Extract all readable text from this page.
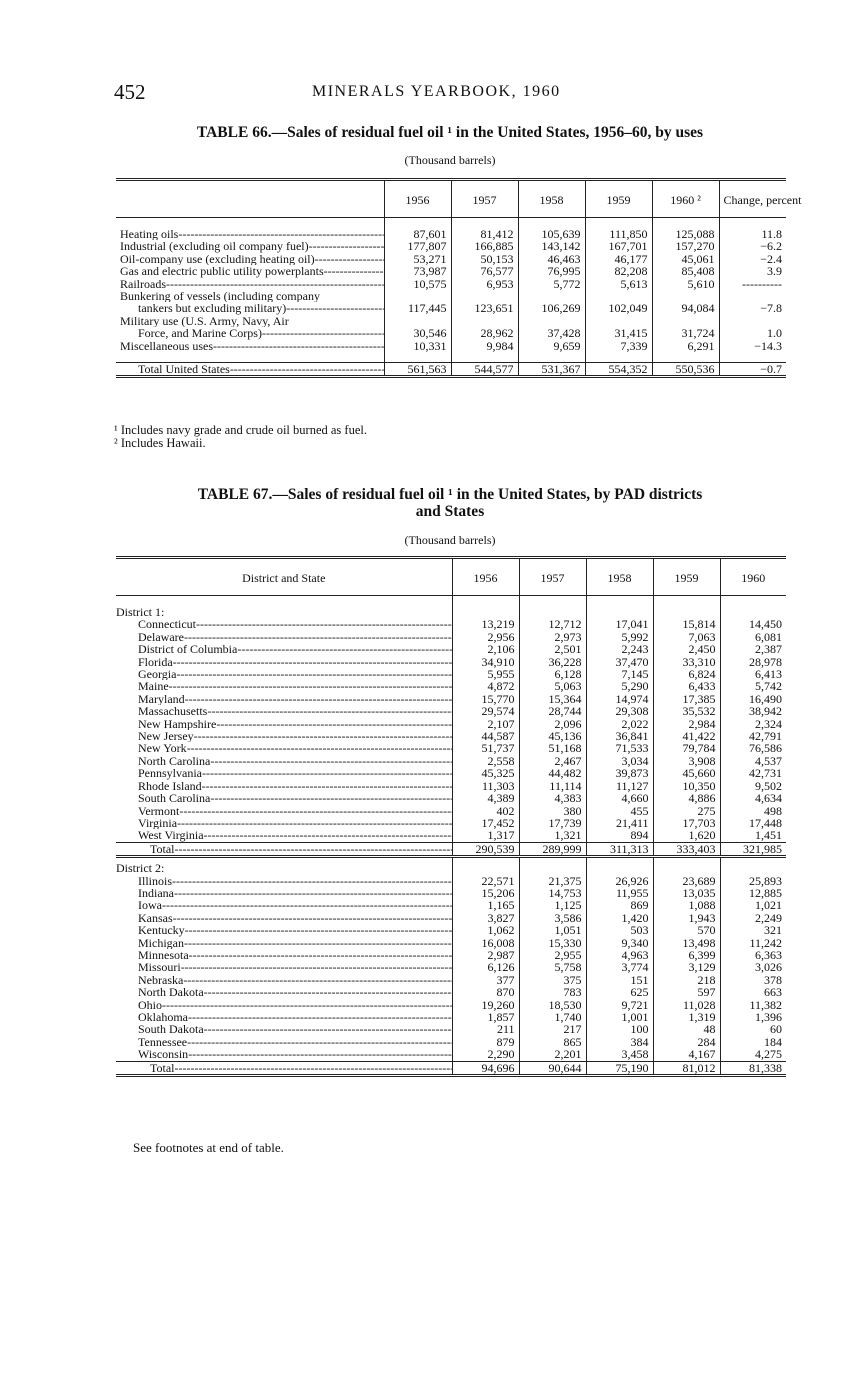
452	MINERALS YEARBOOK, 1960
TABLE 66.—Sales of residual fuel oil ¹ in the United States, 1956–60, by uses
(Thousand barrels)
	1956	1957	1958	1959	1960 ²	Change, percent

Heating oils -----	87,601	81,412	105,639	111,850	125,088	11.8
Industrial (excluding oil company fuel) -----	177,807	166,885	143,142	167,701	157,270	−6.2
Oil-company use (excluding heating oil) -----	53,271	50,153	46,463	46,177	45,061	−2.4
Gas and electric public utility powerplants -----	73,987	76,577	76,995	82,208	85,408	3.9
Railroads -----	10,575	6,953	5,772	5,613	5,610	----------
Bunkering of vessels (including company						
tankers but excluding military) -----	117,445	123,651	106,269	102,049	94,084	−7.8
Military use (U.S. Army, Navy, Air						
Force, and Marine Corps) -----	30,546	28,962	37,428	31,415	31,724	1.0
Miscellaneous uses -----	10,331	9,984	9,659	7,339	6,291	−14.3

Total United States -----	561,563	544,577	531,367	554,352	550,536	−0.7
¹ Includes navy grade and crude oil burned as fuel.
² Includes Hawaii.
TABLE 67.—Sales of residual fuel oil ¹ in the United States, by PAD districts
and States
(Thousand barrels)
District and State	1956	1957	1958	1959	1960

District 1:					
Connecticut -----	13,219	12,712	17,041	15,814	14,450
Delaware -----	2,956	2,973	5,992	7,063	6,081
District of Columbia -----	2,106	2,501	2,243	2,450	2,387
Florida -----	34,910	36,228	37,470	33,310	28,978
Georgia -----	5,955	6,128	7,145	6,824	6,413
Maine -----	4,872	5,063	5,290	6,433	5,742
Maryland -----	15,770	15,364	14,974	17,385	16,490
Massachusetts -----	29,574	28,744	29,308	35,532	38,942
New Hampshire -----	2,107	2,096	2,022	2,984	2,324
New Jersey -----	44,587	45,136	36,841	41,422	42,791
New York -----	51,737	51,168	71,533	79,784	76,586
North Carolina -----	2,558	2,467	3,034	3,908	4,537
Pennsylvania -----	45,325	44,482	39,873	45,660	42,731
Rhode Island -----	11,303	11,114	11,127	10,350	9,502
South Carolina -----	4,389	4,383	4,660	4,886	4,634
Vermont -----	402	380	455	275	498
Virginia -----	17,452	17,739	21,411	17,703	17,448
West Virginia -----	1,317	1,321	894	1,620	1,451
Total -----	290,539	289,999	311,313	333,403	321,985

District 2:					
Illinois -----	22,571	21,375	26,926	23,689	25,893
Indiana -----	15,206	14,753	11,955	13,035	12,885
Iowa -----	1,165	1,125	869	1,088	1,021
Kansas -----	3,827	3,586	1,420	1,943	2,249
Kentucky -----	1,062	1,051	503	570	321
Michigan -----	16,008	15,330	9,340	13,498	11,242
Minnesota -----	2,987	2,955	4,963	6,399	6,363
Missouri -----	6,126	5,758	3,774	3,129	3,026
Nebraska -----	377	375	151	218	378
North Dakota -----	870	783	625	597	663
Ohio -----	19,260	18,530	9,721	11,028	11,382
Oklahoma -----	1,857	1,740	1,001	1,319	1,396
South Dakota -----	211	217	100	48	60
Tennessee -----	879	865	384	284	184
Wisconsin -----	2,290	2,201	3,458	4,167	4,275
Total -----	94,696	90,644	75,190	81,012	81,338
See footnotes at end of table.
